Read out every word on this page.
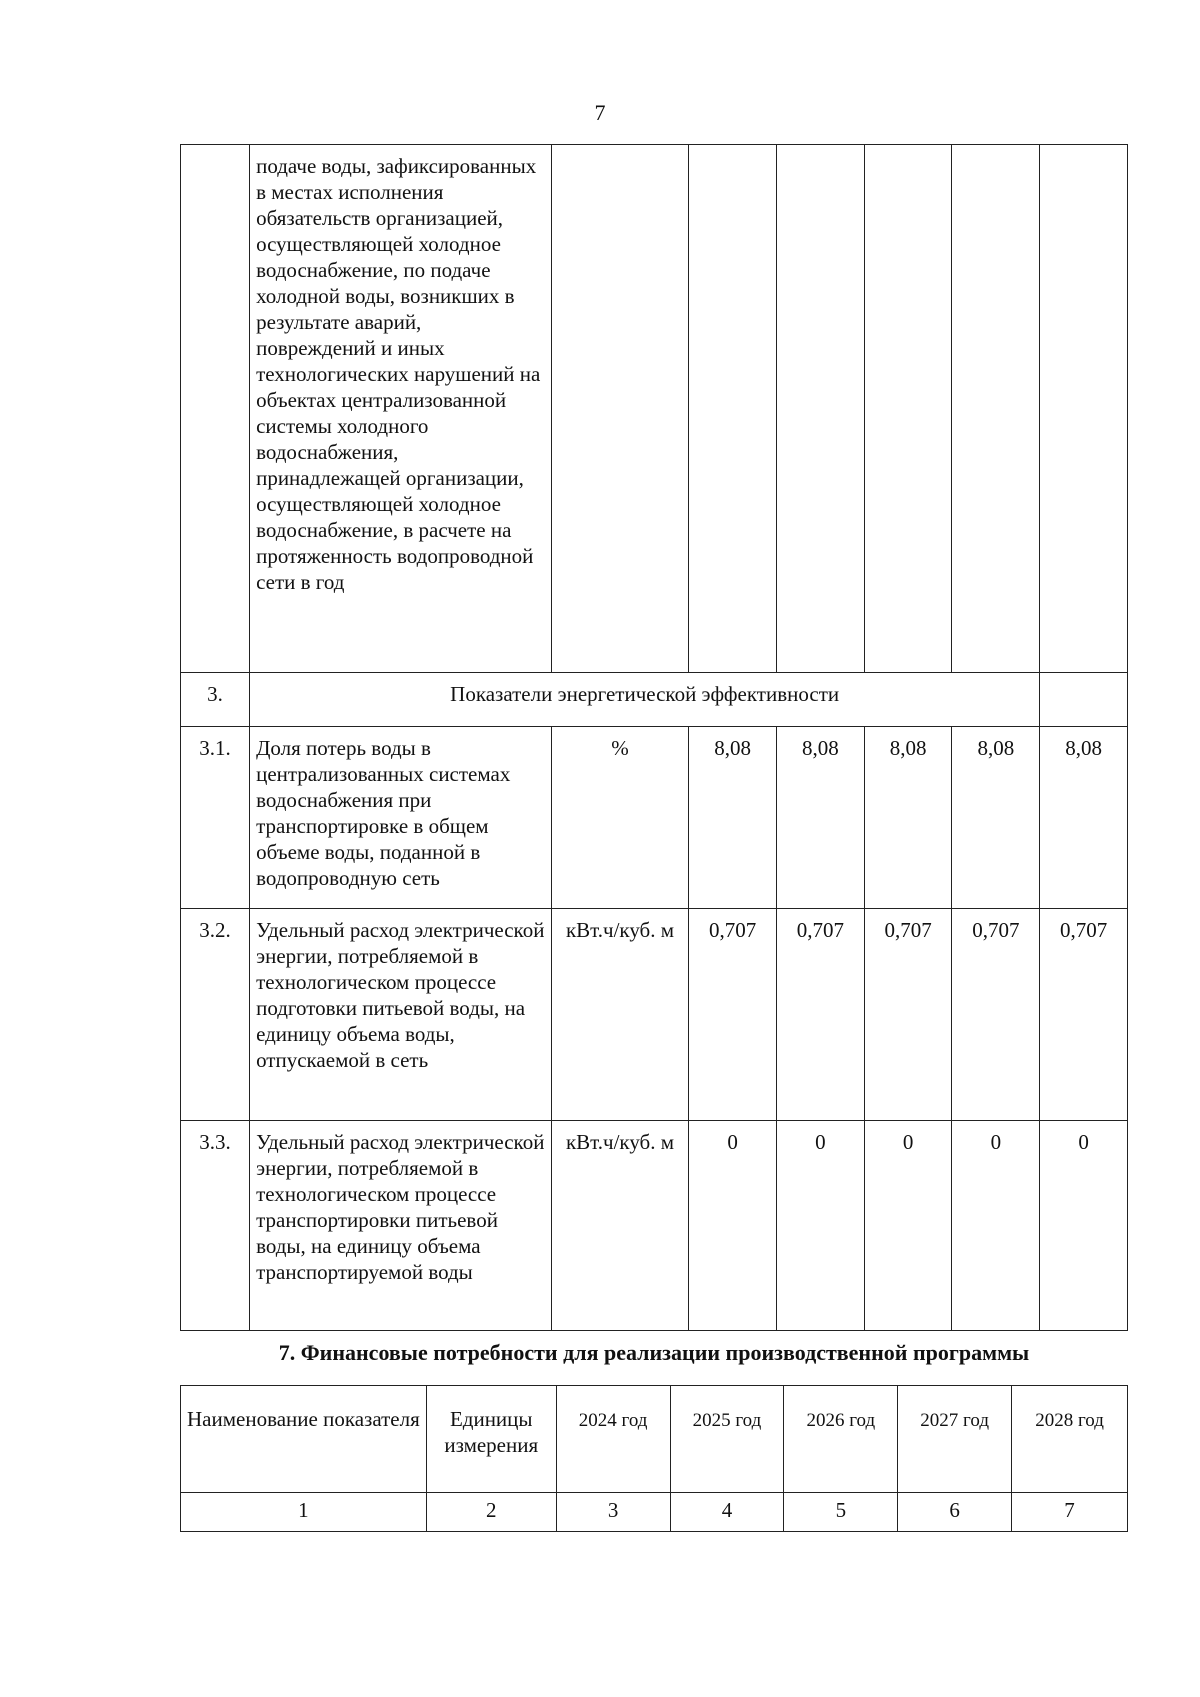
7
	подаче воды, зафиксированных в местах исполнения обязательств организацией, осуществляющей холодное водоснабжение, по подаче холодной воды, возникших в результате аварий, повреждений и иных технологических нарушений на объектах централизованной системы холодного водоснабжения, принадлежащей организации, осуществляющей холодное водоснабжение, в расчете на протяженность водопроводной сети в год						
3.	Показатели энергетической эффективности						
3.1.	Доля потерь воды в централизованных системах водоснабжения при транспортировке в общем объеме воды, поданной в водопроводную сеть	%	8,08	8,08	8,08	8,08	8,08
3.2.	Удельный расход электрической энергии, потребляемой в технологическом процессе подготовки питьевой воды, на единицу объема воды, отпускаемой в сеть	кВт.ч/куб. м	0,707	0,707	0,707	0,707	0,707
3.3.	Удельный расход электрической энергии, потребляемой в технологическом процессе транспортировки питьевой воды, на единицу объема транспортируемой воды	кВт.ч/куб. м	0	0	0	0	0
7. Финансовые потребности для реализации производственной программы
Наименование показателя	Единицы измерения	2024 год	2025 год	2026 год	2027 год	2028 год
1	2	3	4	5	6	7
